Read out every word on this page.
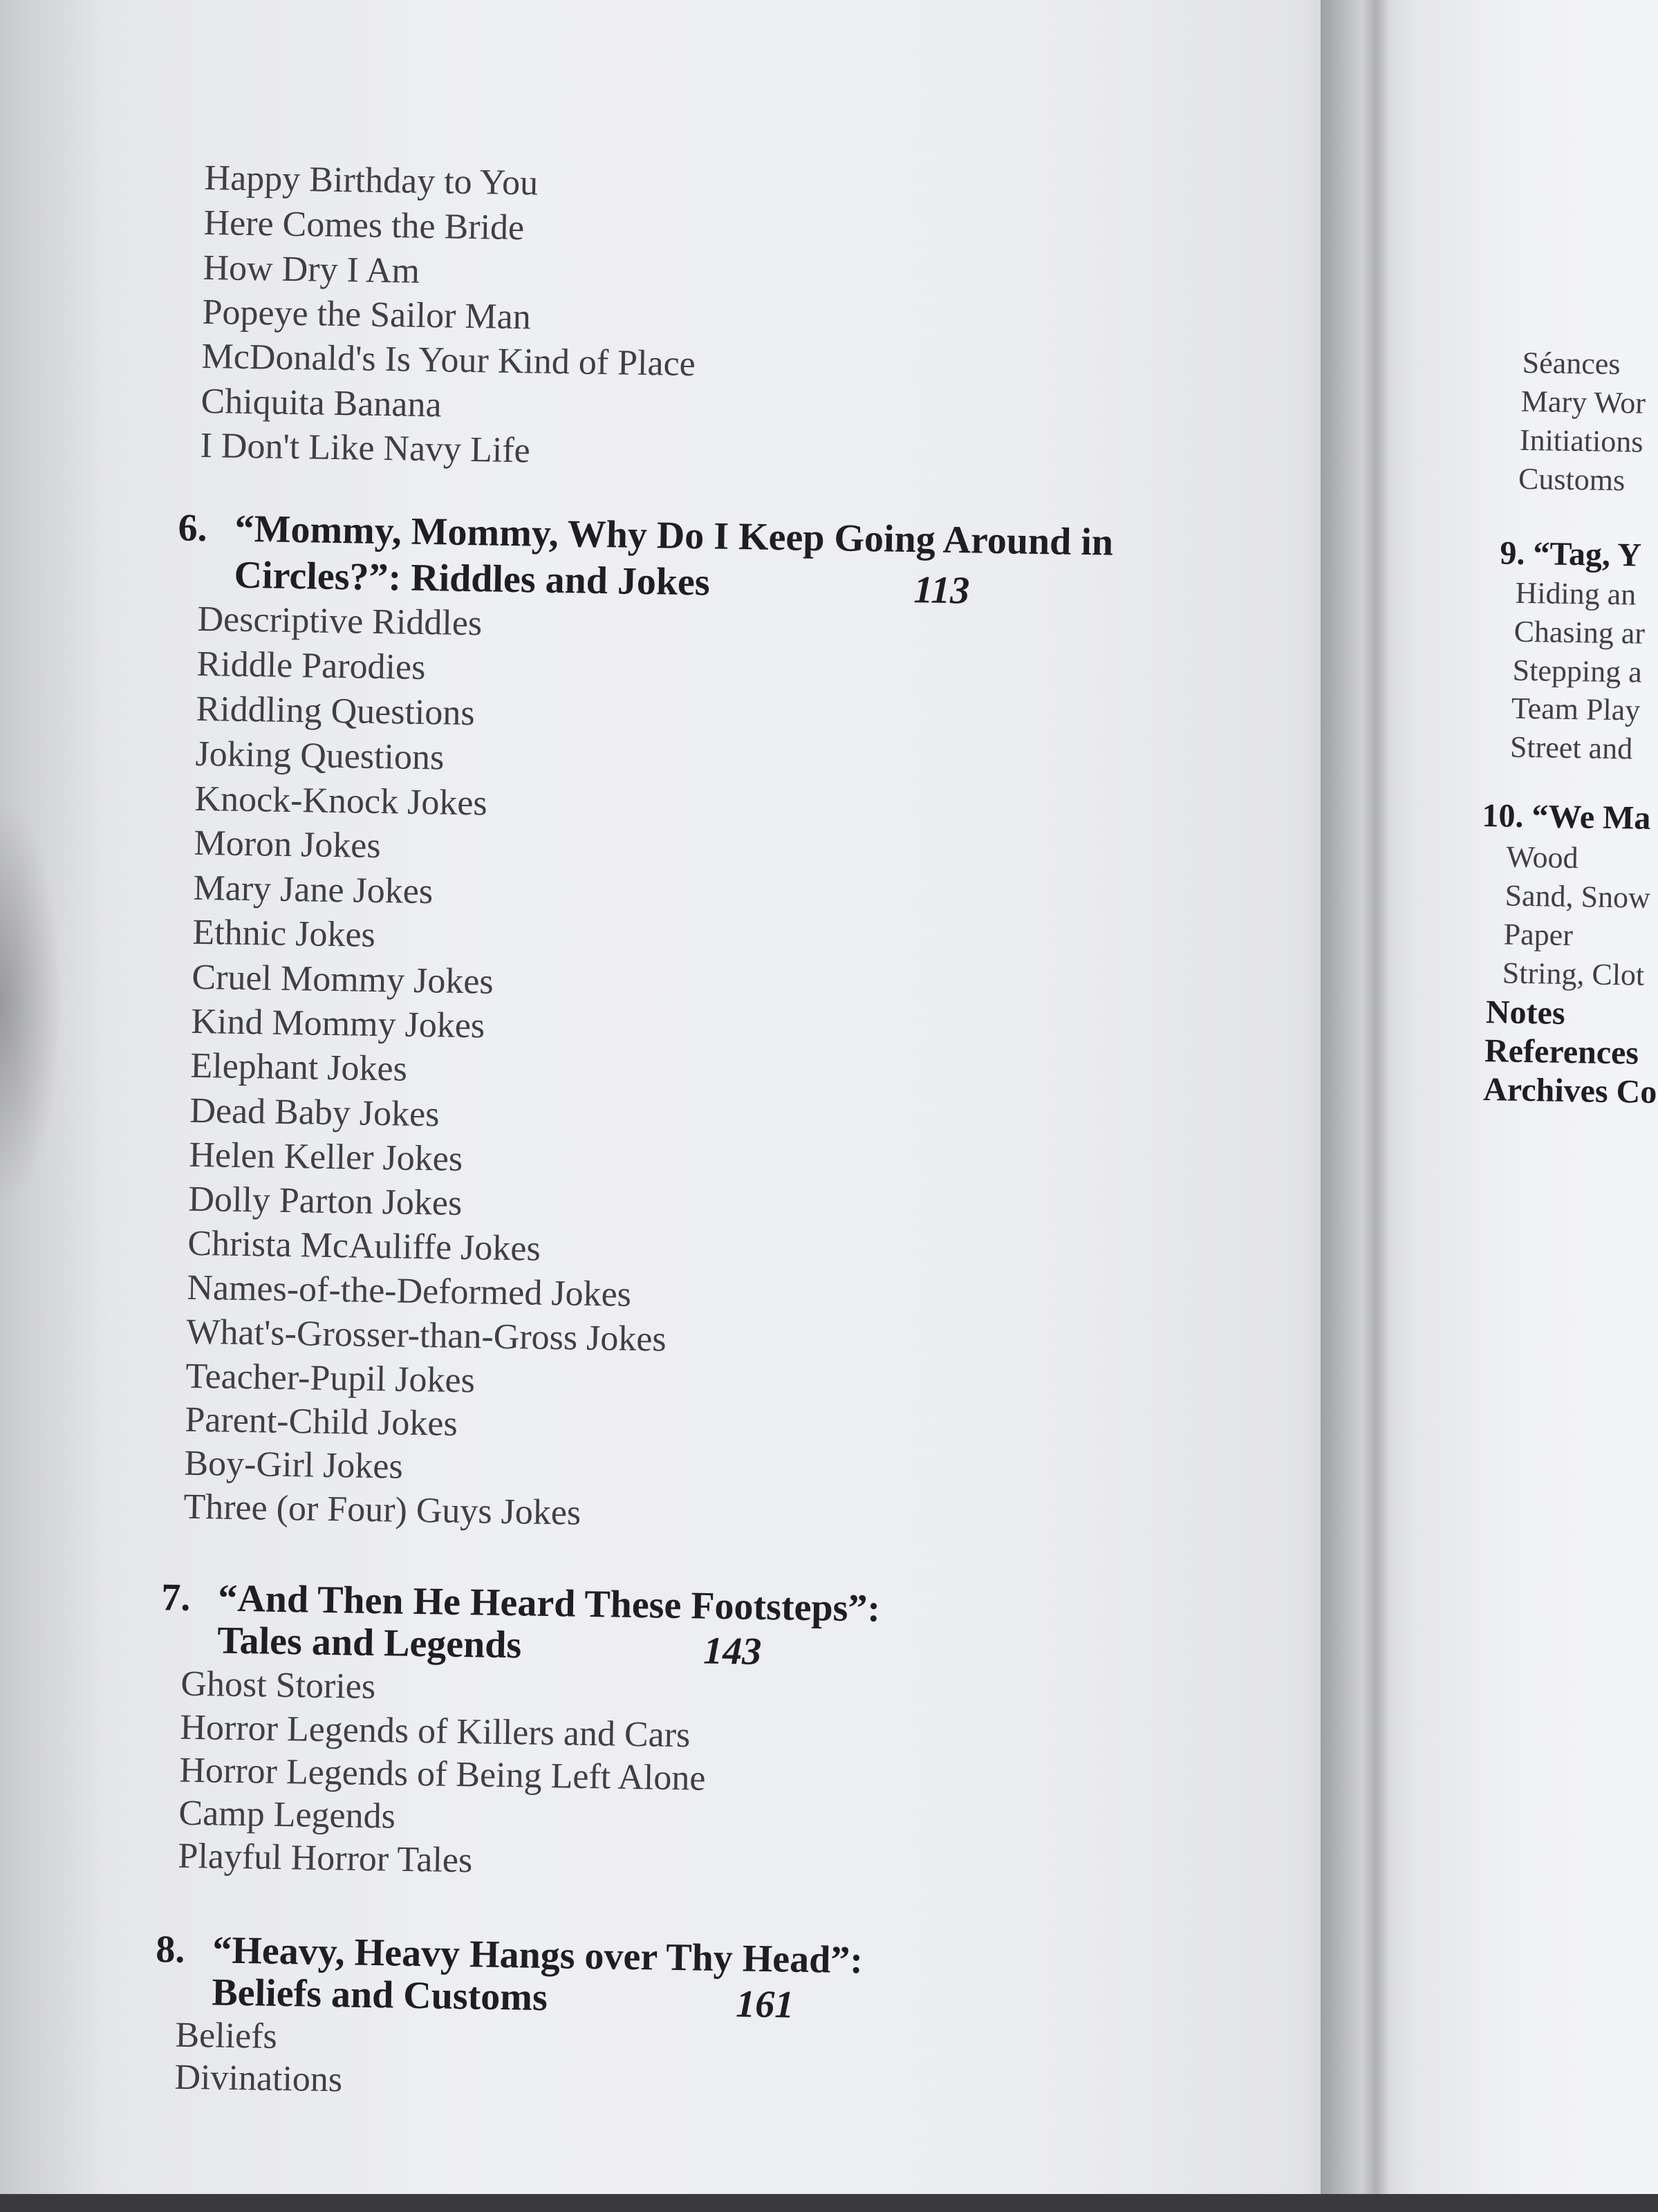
Happy Birthday to You
Here Comes the Bride
How Dry I Am
Popeye the Sailor Man
McDonald's Is Your Kind of Place
Chiquita Banana
I Don't Like Navy Life
6. “Mommy, Mommy, Why Do I Keep Going Around in
Circles?”: Riddles and Jokes	113
Descriptive Riddles
Riddle Parodies
Riddling Questions
Joking Questions
Knock-Knock Jokes
Moron Jokes
Mary Jane Jokes
Ethnic Jokes
Cruel Mommy Jokes
Kind Mommy Jokes
Elephant Jokes
Dead Baby Jokes
Helen Keller Jokes
Dolly Parton Jokes
Christa McAuliffe Jokes
Names-of-the-Deformed Jokes
What's-Grosser-than-Gross Jokes
Teacher-Pupil Jokes
Parent-Child Jokes
Boy-Girl Jokes
Three (or Four) Guys Jokes
7. “And Then He Heard These Footsteps”:
Tales and Legends	143
Ghost Stories
Horror Legends of Killers and Cars
Horror Legends of Being Left Alone
Camp Legends
Playful Horror Tales
8. “Heavy, Heavy Hangs over Thy Head”:
Beliefs and Customs	161
Beliefs
Divinations
Séances
Mary Wor
Initiations
Customs
9. “Tag, Y
Hiding an
Chasing ar
Stepping a
Team Play
Street and
10. “We Ma
Wood
Sand, Snow
Paper
String, Clot
Notes
References
Archives Co
